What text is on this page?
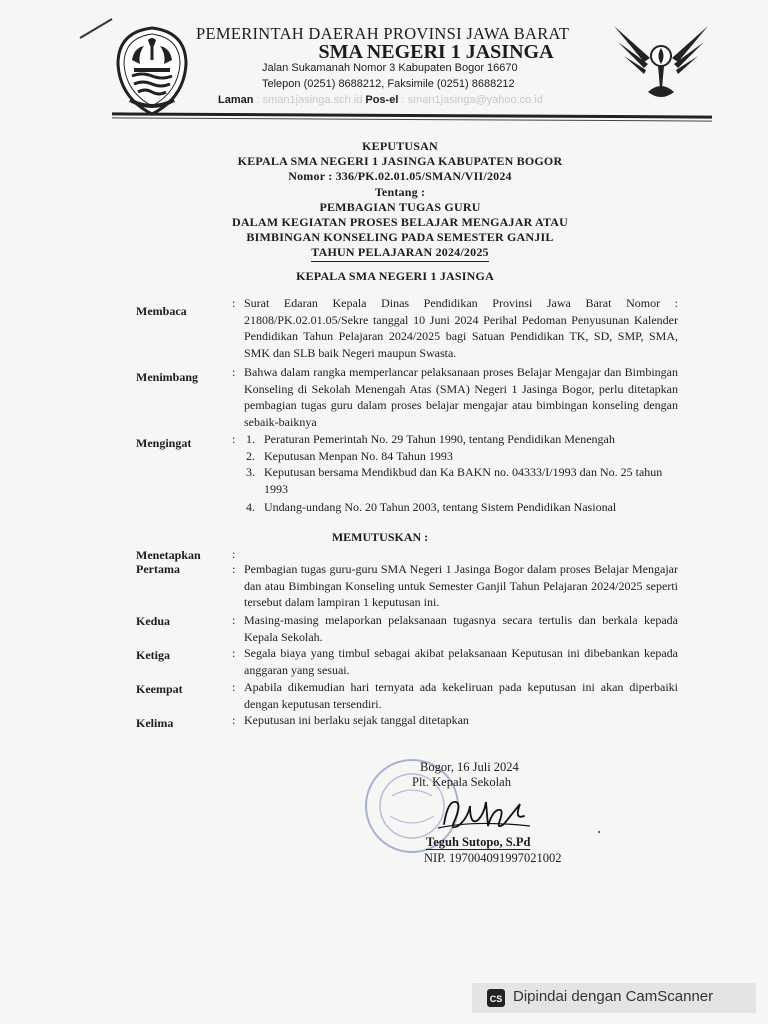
PEMERINTAH DAERAH PROVINSI JAWA BARAT
SMA NEGERI 1 JASINGA
Jalan Sukamanah Nomor 3 Kabupaten Bogor 16670
Telepon (0251) 8688212, Faksimile (0251) 8688212
Laman : sman1jasinga.sch.id Pos-el : sman1jasinga@yahoo.co.id
KEPUTUSAN
KEPALA SMA NEGERI 1 JASINGA KABUPATEN BOGOR
Nomor : 336/PK.02.01.05/SMAN/VII/2024
Tentang :
PEMBAGIAN TUGAS GURU
DALAM KEGIATAN PROSES BELAJAR MENGAJAR ATAU
BIMBINGAN KONSELING PADA SEMESTER GANJIL
TAHUN PELAJARAN 2024/2025
KEPALA SMA NEGERI 1 JASINGA
Membaca
: Surat Edaran Kepala Dinas Pendidikan Provinsi Jawa Barat Nomor : 21808/PK.02.01.05/Sekre tanggal 10 Juni 2024 Perihal Pedoman Penyusunan Kalender Pendidikan Tahun Pelajaran 2024/2025 bagi Satuan Pendidikan TK, SD, SMP, SMA, SMK dan SLB baik Negeri maupun Swasta.
Menimbang	: Bahwa dalam rangka memperlancar pelaksanaan proses Belajar Mengajar dan Bimbingan Konseling di Sekolah Menengah Atas (SMA) Negeri 1 Jasinga Bogor, perlu ditetapkan pembagian tugas guru dalam proses belajar mengajar atau bimbingan konseling dengan sebaik-baiknya
Mengingat	: 1. Peraturan Pemerintah No. 29 Tahun 1990, tentang Pendidikan Menengah
2. Keputusan Menpan No. 84 Tahun 1993
3. Keputusan bersama Mendikbud dan Ka BAKN no. 04333/I/1993 dan No. 25 tahun 1993
4. Undang-undang No. 20 Tahun 2003, tentang Sistem Pendidikan Nasional
MEMUTUSKAN :
Menetapkan	:
Pertama	: Pembagian tugas guru-guru SMA Negeri 1 Jasinga Bogor dalam proses Belajar Mengajar dan atau Bimbingan Konseling untuk Semester Ganjil Tahun Pelajaran 2024/2025 seperti tersebut dalam lampiran 1 keputusan ini.
Kedua	: Masing-masing melaporkan pelaksanaan tugasnya secara tertulis dan berkala kepada Kepala Sekolah.
Ketiga	: Segala biaya yang timbul sebagai akibat pelaksanaan Keputusan ini dibebankan kepada anggaran yang sesuai.
Keempat	: Apabila dikemudian hari ternyata ada kekeliruan pada keputusan ini akan diperbaiki dengan keputusan tersendiri.
Kelima	: Keputusan ini berlaku sejak tanggal ditetapkan
Bogor, 16 Juli 2024
Plt. Kepala Sekolah
Teguh Sutopo, S.Pd
NIP. 197004091997021002
CS Dipindai dengan CamScanner
